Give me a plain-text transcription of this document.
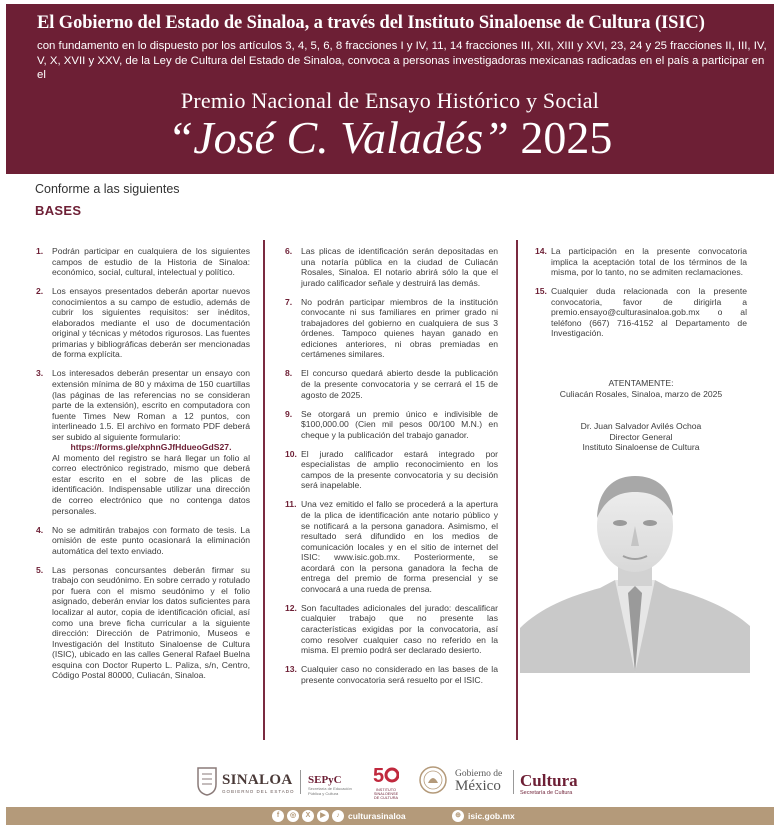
El Gobierno del Estado de Sinaloa, a través del Instituto Sinaloense de Cultura (ISIC)
con fundamento en lo dispuesto por los artículos 3, 4, 5, 6, 8 fracciones I y IV, 11, 14 fracciones III, XII, XIII y XVI, 23, 24 y 25 fracciones II, III, IV, V, X, XVII y XXV, de la Ley de Cultura del Estado de Sinaloa, convoca a personas investigadoras mexicanas radicadas en el país a participar en el
Premio Nacional de Ensayo Histórico y Social
“José C. Valadés” 2025
Conforme a las siguientes
BASES
1. Podrán participar en cualquiera de los siguientes campos de estudio de la Historia de Sinaloa: económico, social, cultural, intelectual y político.
2. Los ensayos presentados deberán aportar nuevos conocimientos a su campo de estudio, además de cubrir los siguientes requisitos: ser inéditos, elaborados mediante el uso de documentación original y técnicas y métodos rigurosos. Las fuentes primarias y bibliográficas deberán ser mencionadas de forma explícita.
3. Los interesados deberán presentar un ensayo con extensión mínima de 80 y máxima de 150 cuartillas (las páginas de las referencias no se consideran parte de la extensión), escrito en computadora con fuente Times New Roman a 12 puntos, con interlineado 1.5. El archivo en formato PDF deberá ser subido al siguiente formulario:
https://forms.gle/xphnGJfHdueoGdS27.
Al momento del registro se hará llegar un folio al correo electrónico registrado, mismo que deberá estar escrito en el sobre de las plicas de identificación. Indispensable utilizar una dirección de correo electrónico que no contenga datos personales.
4. No se admitirán trabajos con formato de tesis. La omisión de este punto ocasionará la eliminación automática del texto enviado.
5. Las personas concursantes deberán firmar su trabajo con seudónimo. En sobre cerrado y rotulado por fuera con el mismo seudónimo y el folio asignado, deberán enviar los datos suficientes para localizar al autor, copia de identificación oficial, así como una breve ficha curricular a la siguiente dirección: Dirección de Patrimonio, Museos e Investigación del Instituto Sinaloense de Cultura (ISIC), ubicado en las calles General Rafael Buelna esquina con Doctor Ruperto L. Paliza, s/n, Centro, Código Postal 80000, Culiacán, Sinaloa.
6. Las plicas de identificación serán depositadas en una notaría pública en la ciudad de Culiacán Rosales, Sinaloa. El notario abrirá sólo la que el jurado calificador señale y destruirá las demás.
7. No podrán participar miembros de la institución convocante ni sus familiares en primer grado ni trabajadores del gobierno en cualquiera de sus 3 órdenes. Tampoco quienes hayan ganado en ediciones anteriores, ni obras premiadas en certámenes similares.
8. El concurso quedará abierto desde la publicación de la presente convocatoria y se cerrará el 15 de agosto de 2025.
9. Se otorgará un premio único e indivisible de $100,000.00 (Cien mil pesos 00/100 M.N.) en cheque y la publicación del trabajo ganador.
10. El jurado calificador estará integrado por especialistas de amplio reconocimiento en los campos de la presente convocatoria y su decisión será inapelable.
11. Una vez emitido el fallo se procederá a la apertura de la plica de identificación ante notario público y se notificará a la persona ganadora. Asimismo, el resultado será difundido en los medios de comunicación locales y en el sitio de internet del ISIC: www.isic.gob.mx. Posteriormente, se acordará con la persona ganadora la fecha de entrega del premio de forma presencial y se convocará a una rueda de prensa.
12. Son facultades adicionales del jurado: descalificar cualquier trabajo que no presente las características exigidas por la convocatoria, así como resolver cualquier caso no referido en la misma. El premio podrá ser declarado desierto.
13. Cualquier caso no considerado en las bases de la presente convocatoria será resuelto por el ISIC.
14. La participación en la presente convocatoria implica la aceptación total de los términos de la misma, por lo tanto, no se admiten reclamaciones.
15. Cualquier duda relacionada con la presente convocatoria, favor de dirigirla a premio.ensayo@culturasinaloa.gob.mx o al teléfono (667) 716-4152 al Departamento de Investigación.
ATENTAMENTE:
Culiacán Rosales, Sinaloa, marzo de 2025
Dr. Juan Salvador Avilés Ochoa
Director General
Instituto Sinaloense de Cultura
SINALOA
GOBIERNO DEL ESTADO
SEPyC
Secretaría de Educación Pública y Cultura
5
INSTITUTO SINALOENSE DE CULTURA
Gobierno de
México Cultura
Secretaría de Cultura
f	◎	X	▶	♪ culturasinaloa	⊕ isic.gob.mx
